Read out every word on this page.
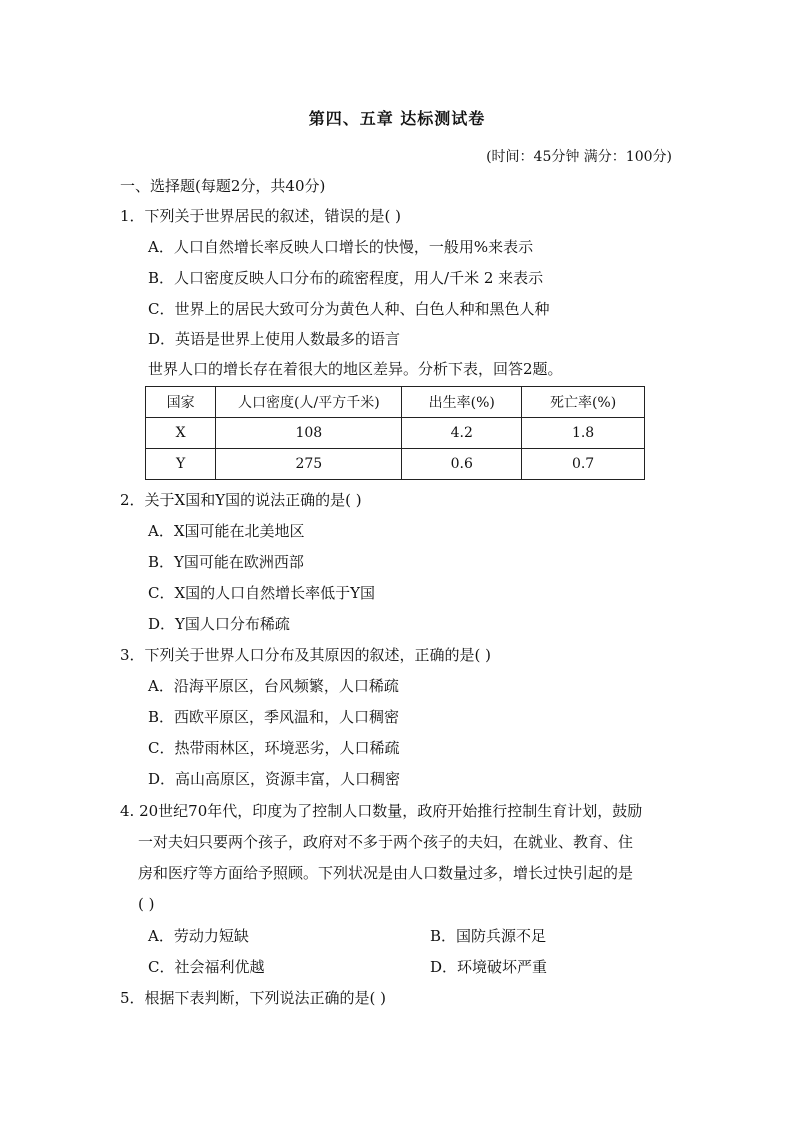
第四、五章 达标测试卷
(时间：45分钟 满分：100分)
一、选择题(每题2分，共40分)
1．下列关于世界居民的叙述，错误的是( )
A．人口自然增长率反映人口增长的快慢，一般用%来表示
B．人口密度反映人口分布的疏密程度，用人/千米 2 来表示
C．世界上的居民大致可分为黄色人种、白色人种和黑色人种
D．英语是世界上使用人数最多的语言
世界人口的增长存在着很大的地区差异。分析下表，回答2题。
国家	人口密度(人/平方千米)	出生率(%)	死亡率(%)
X	108	4.2	1.8
Y	275	0.6	0.7
2．关于X国和Y国的说法正确的是( )
A．X国可能在北美地区
B．Y国可能在欧洲西部
C．X国的人口自然增长率低于Y国
D．Y国人口分布稀疏
3．下列关于世界人口分布及其原因的叙述，正确的是( )
A．沿海平原区，台风频繁，人口稀疏
B．西欧平原区，季风温和，人口稠密
C．热带雨林区，环境恶劣，人口稀疏
D．高山高原区，资源丰富，人口稠密
4. 20世纪70年代，印度为了控制人口数量，政府开始推行控制生育计划，鼓励
一对夫妇只要两个孩子，政府对不多于两个孩子的夫妇，在就业、教育、住
房和医疗等方面给予照顾。下列状况是由人口数量过多，增长过快引起的是
( )
A．劳动力短缺	B．国防兵源不足
C．社会福利优越	D．环境破坏严重
5．根据下表判断，下列说法正确的是( )
